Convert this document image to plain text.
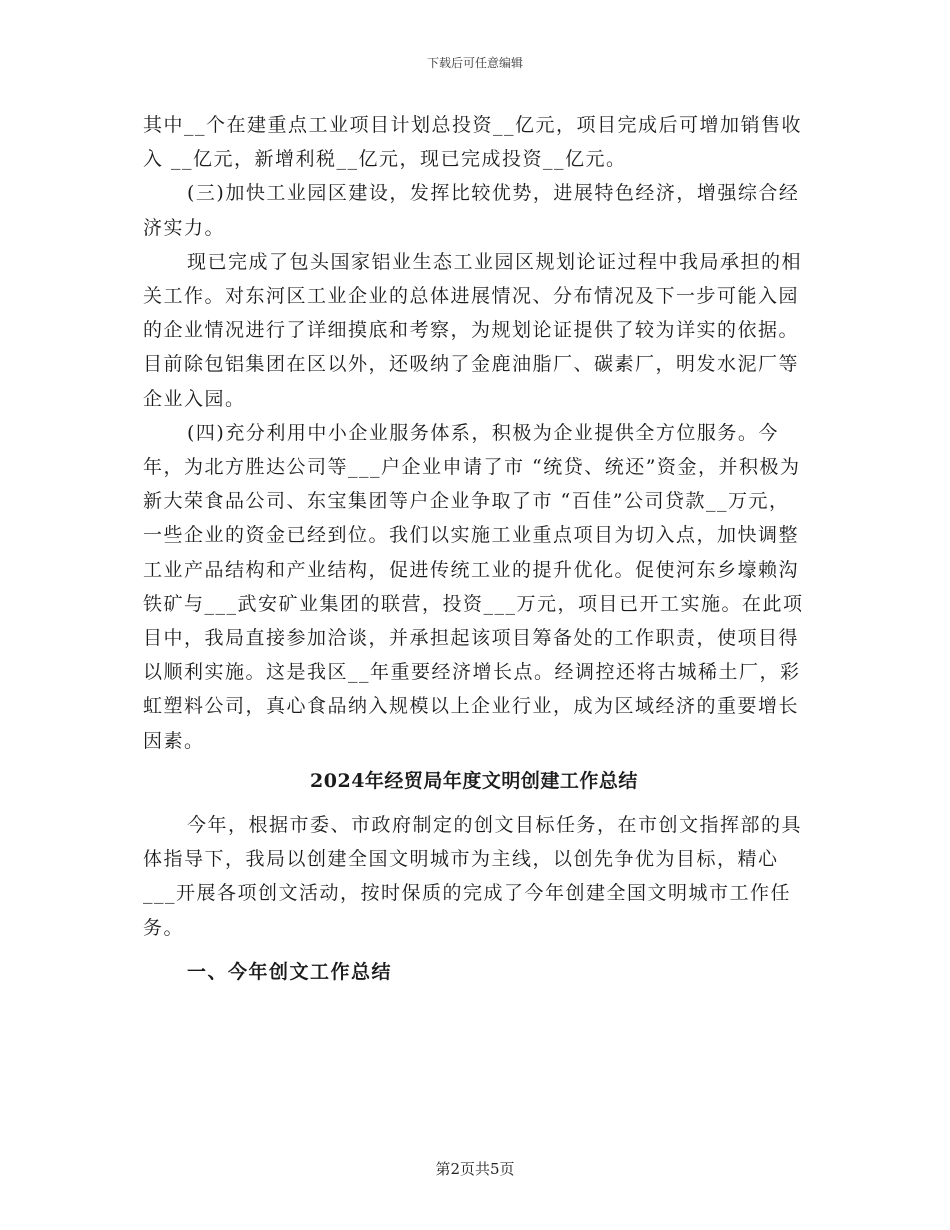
下载后可任意编辑

其中__个在建重点工业项目计划总投资__亿元，项目完成后可增加销售收入 __亿元，新增利税__亿元，现已完成投资__亿元。

(三)加快工业园区建设，发挥比较优势，进展特色经济，增强综合经济实力。

现已完成了包头国家铝业生态工业园区规划论证过程中我局承担的相关工作。对东河区工业企业的总体进展情况、分布情况及下一步可能入园的企业情况进行了详细摸底和考察，为规划论证提供了较为详实的依据。目前除包铝集团在区以外，还吸纳了金鹿油脂厂、碳素厂，明发水泥厂等企业入园。

(四)充分利用中小企业服务体系，积极为企业提供全方位服务。今年，为北方胜达公司等___户企业申请了市 “统贷、统还”资金，并积极为新大荣食品公司、东宝集团等户企业争取了市 “百佳”公司贷款__万元，一些企业的资金已经到位。我们以实施工业重点项目为切入点，加快调整工业产品结构和产业结构，促进传统工业的提升优化。促使河东乡壕赖沟铁矿与___武安矿业集团的联营，投资___万元，项目已开工实施。在此项目中，我局直接参加洽谈，并承担起该项目筹备处的工作职责，使项目得以顺利实施。这是我区__年重要经济增长点。经调控还将古城稀土厂，彩虹塑料公司，真心食品纳入规模以上企业行业，成为区域经济的重要增长因素。

2024年经贸局年度文明创建工作总结

今年，根据市委、市政府制定的创文目标任务，在市创文指挥部的具体指导下，我局以创建全国文明城市为主线，以创先争优为目标，精心___开展各项创文活动，按时保质的完成了今年创建全国文明城市工作任务。

一、今年创文工作总结

第2页共5页
